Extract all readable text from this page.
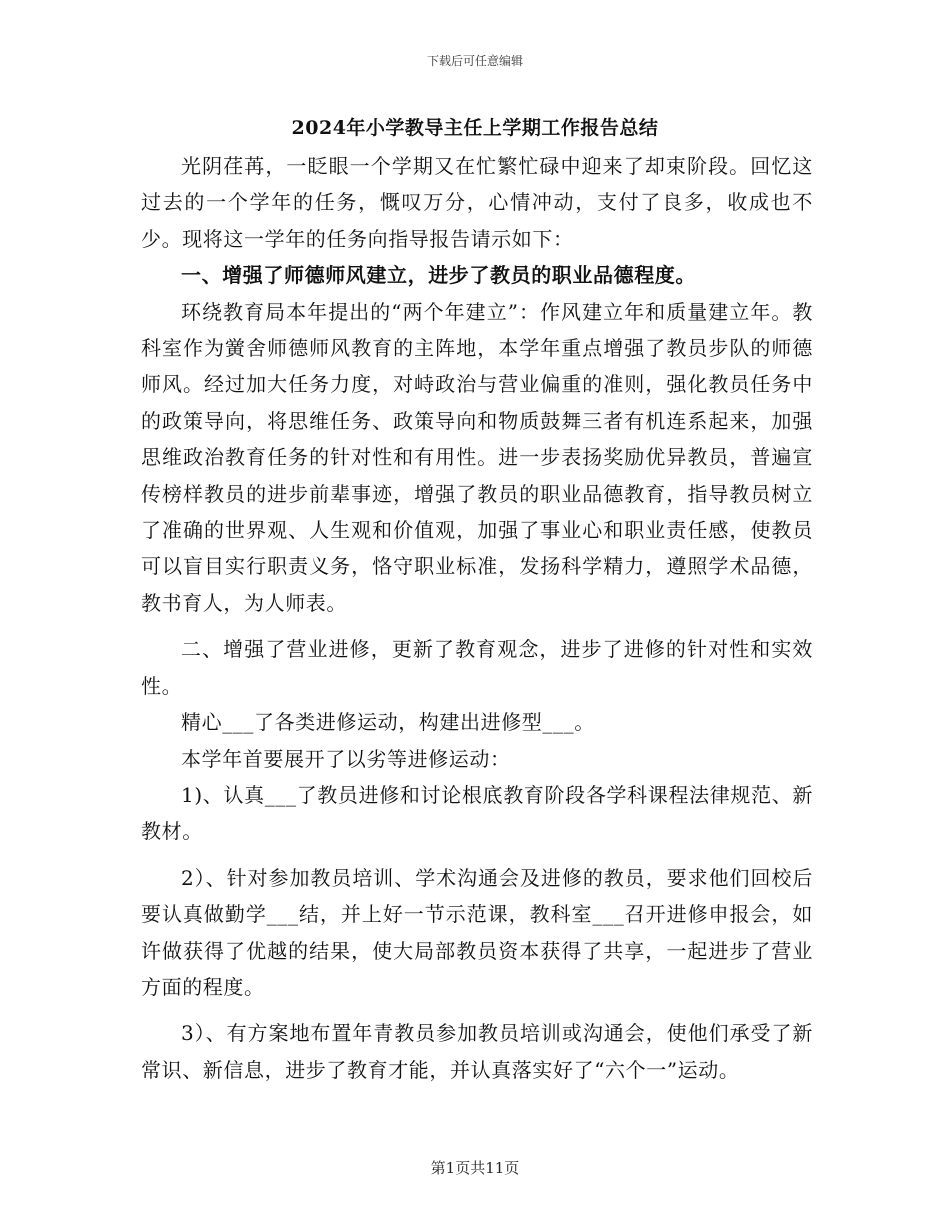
下载后可任意编辑
2024年小学教导主任上学期工作报告总结

光阴荏苒，一眨眼一个学期又在忙繁忙碌中迎来了却束阶段。回忆这过去的一个学年的任务，慨叹万分，心情冲动，支付了良多，收成也不少。现将这一学年的任务向指导报告请示如下：

一、增强了师德师风建立，进步了教员的职业品德程度。

环绕教育局本年提出的“两个年建立”：作风建立年和质量建立年。教科室作为黉舍师德师风教育的主阵地，本学年重点增强了教员步队的师德师风。经过加大任务力度，对峙政治与营业偏重的准则，强化教员任务中的政策导向，将思维任务、政策导向和物质鼓舞三者有机连系起来，加强思维政治教育任务的针对性和有用性。进一步表扬奖励优异教员，普遍宣传榜样教员的进步前辈事迹，增强了教员的职业品德教育，指导教员树立了准确的世界观、人生观和价值观，加强了事业心和职业责任感，使教员可以盲目实行职责义务，恪守职业标准，发扬科学精力，遵照学术品德，教书育人，为人师表。

二、增强了营业进修，更新了教育观念，进步了进修的针对性和实效性。

精心___了各类进修运动，构建出进修型___。

本学年首要展开了以劣等进修运动：

1)、认真___了教员进修和讨论根底教育阶段各学科课程法律规范、新教材。

2）、针对参加教员培训、学术沟通会及进修的教员，要求他们回校后要认真做勤学___结，并上好一节示范课，教科室___召开进修申报会，如许做获得了优越的结果，使大局部教员资本获得了共享，一起进步了营业方面的程度。

3）、有方案地布置年青教员参加教员培训或沟通会，使他们承受了新常识、新信息，进步了教育才能，并认真落实好了“六个一”运动。

第1页共11页
